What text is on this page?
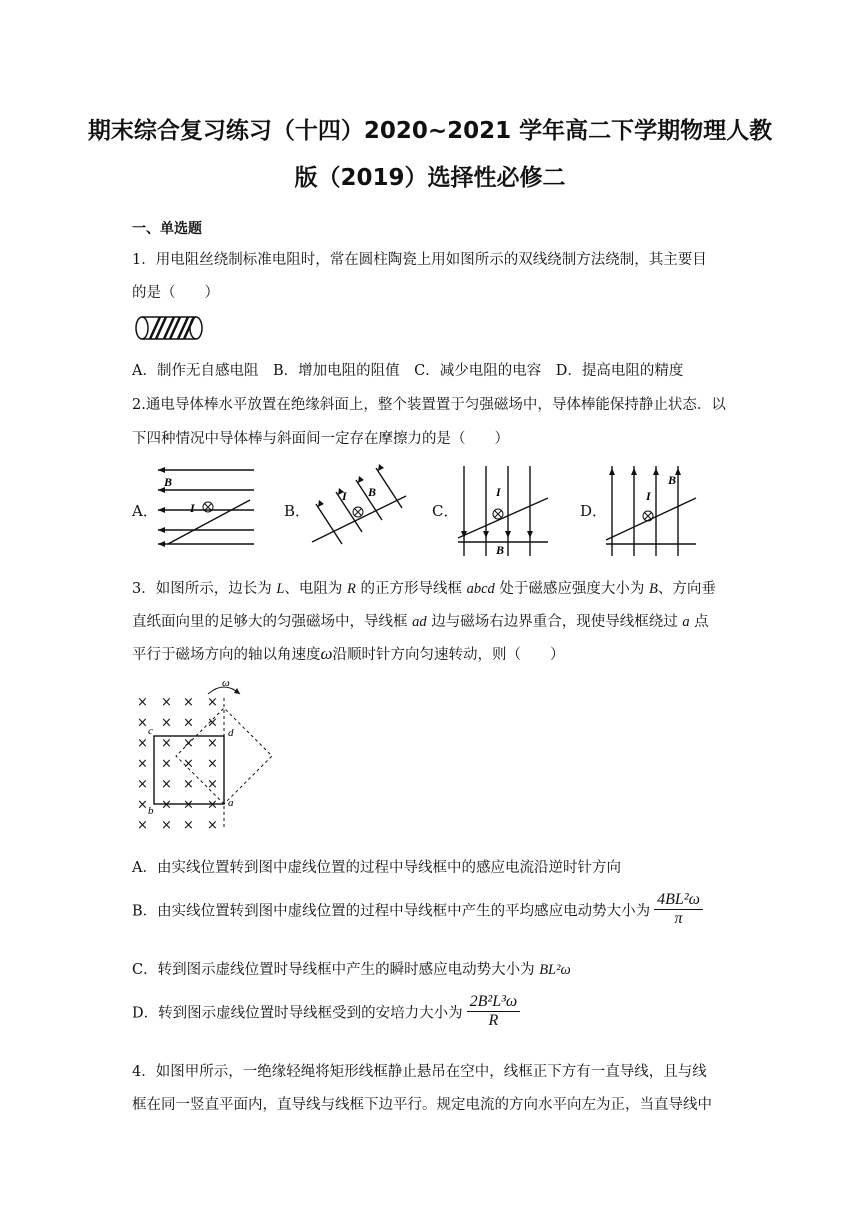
期末综合复习练习（十四）2020~2021 学年高二下学期物理人教
版（2019）选择性必修二
一、单选题
1．用电阻丝绕制标准电阻时，常在圆柱陶瓷上用如图所示的双线绕制方法绕制，其主要目
的是（　　）
A．制作无自感电阻　B．增加电阻的阻值　C．减少电阻的电容　D．提高电阻的精度
2.通电导体棒水平放置在绝缘斜面上，整个装置置于匀强磁场中，导体棒能保持静止状态．以
下四种情况中导体棒与斜面间一定存在摩擦力的是（　　）
A．
B
I	B．
I B
C．
I
B
D．
I
B
3．如图所示，边长为 L、电阻为 R 的正方形导线框 abcd 处于磁感应强度大小为 B、方向垂
直纸面向里的足够大的匀强磁场中，导线框 ad 边与磁场右边界重合，现使导线框绕过 a 点
平行于磁场方向的轴以角速度ω沿顺时针方向匀速转动，则（　　）
× × × ×
× × × ×
× × × ×
× × × ×
× × × ×
× × × ×
× × × ×
ω
c	d
b
a
A．由实线位置转到图中虚线位置的过程中导线框中的感应电流沿逆时针方向
B．由实线位置转到图中虚线位置的过程中导线框中产生的平均感应电动势大小为 $\frac{\text{4BL²ω}}{\pi}$
C．转到图示虚线位置时导线框中产生的瞬时感应电动势大小为 BL²ω
D．转到图示虚线位置时导线框受到的安培力大小为 $\frac{\text{2B²L³ω}}{R}$
4．如图甲所示，一绝缘轻绳将矩形线框静止悬吊在空中，线框正下方有一直导线，且与线
框在同一竖直平面内，直导线与线框下边平行。规定电流的方向水平向左为正，当直导线中
